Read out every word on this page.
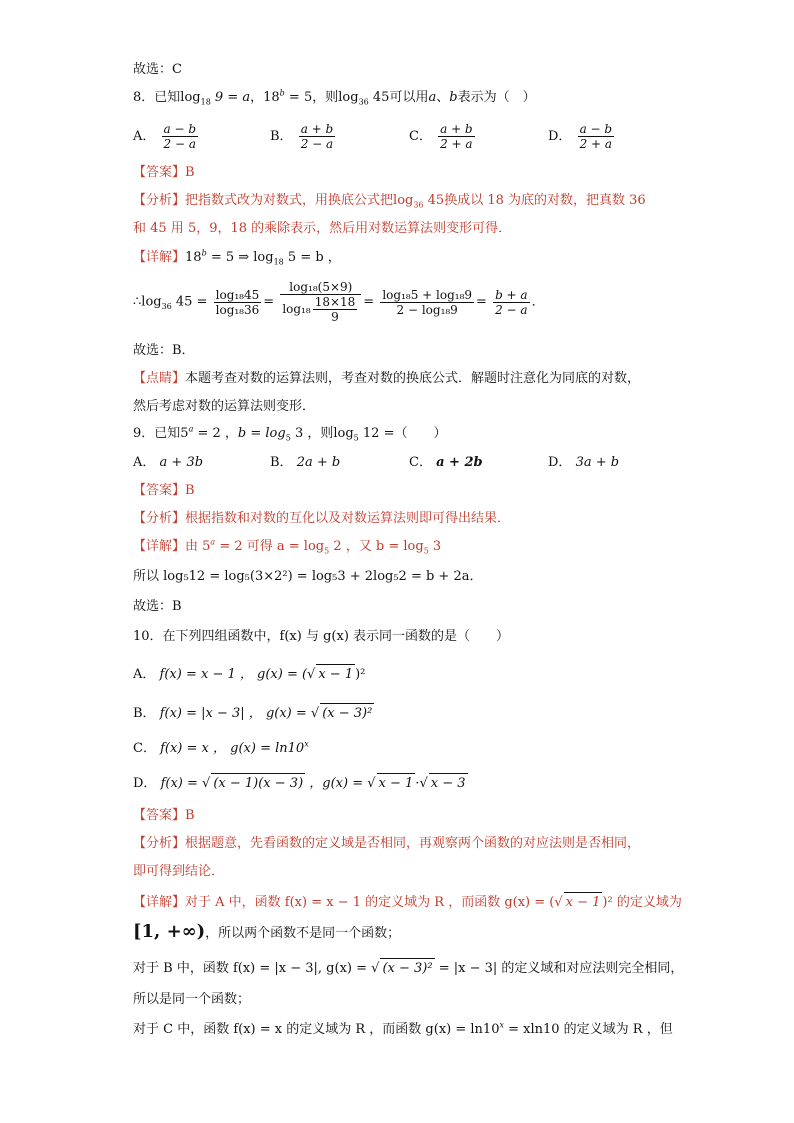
故选：C
8．已知$\log_{18} 9 = a$，$18^b = 5$，则$\log_{36} 45$可以用a、b表示为（　）
A． $\frac{a - b}{2 - a}$	B． $\frac{a + b}{2 - a}$	C． $\frac{a + b}{2 + a}$	D． $\frac{a - b}{2 + a}$
【答案】B
【分析】把指数式改为对数式，用换底公式把$\log_{36} 45$换成以 18 为底的对数，把真数 36
和 45 用 5，9，18 的乘除表示，然后用对数运算法则变形可得．
【详解】$18^b = 5$ ⇒ $\log_{18} 5 = b$ ，
$\therefore\log_{36}$ $45 = \frac{\text{log₁₈45}}{\text{log₁₈36}} = \frac{\text{log₁₈(5×9)}}{\log_{18} \frac{18\times 18}{9}} = \frac{\text{log₁₈5 + log₁₈9}}{\text{2 − log₁₈9}} = \frac{b + a}{2 - a}$ ．
故选：B．
【点睛】本题考查对数的运算法则，考查对数的换底公式．解题时注意化为同底的对数，
然后考虑对数的运算法则变形．
9．已知$5^a = 2$ ，$b = \log_5 3$ ，则$\log_5 12$ =（　　）
A． a + 3b	B． 2a + b	C． a + 2b	D． 3a + b
【答案】B
【分析】根据指数和对数的互化以及对数运算法则即可得出结果．
【详解】由 $5^a = 2$ 可得 $a = \log_5 2$ ，又 $b = \log_5 3$
所以 log₅12 = log₅(3×2²) = log₅3 + 2log₅2 = b + 2a．
故选：B
10．在下列四组函数中，f(x) 与 g(x) 表示同一函数的是（　　）
A． f(x) = x − 1 ， g(x) = (√ x − 1 )²
B． f(x) = |x − 3| ， g(x) = √ (x − 3)²
C． f(x) = x ， $g(x) = \ln 10^x$
D． f(x) = √ (x − 1)(x − 3) ，g(x) = √ x − 1 ·√ x − 3
【答案】B
【分析】根据题意，先看函数的定义域是否相同，再观察两个函数的对应法则是否相同，
即可得到结论．
【详解】对于 A 中，函数 f(x) = x − 1 的定义域为 R ，而函数 g(x) = (√ x − 1 )² 的定义域为
[1, +∞)，所以两个函数不是同一个函数；
对于 B 中，函数 f(x) = |x − 3|, g(x) = √ (x − 3)² = |x − 3| 的定义域和对应法则完全相同，
所以是同一个函数；
对于 C 中，函数 f(x) = x 的定义域为 R ，而函数 $g(x) = \ln 10^x = xln10$ 的定义域为 R ，但
